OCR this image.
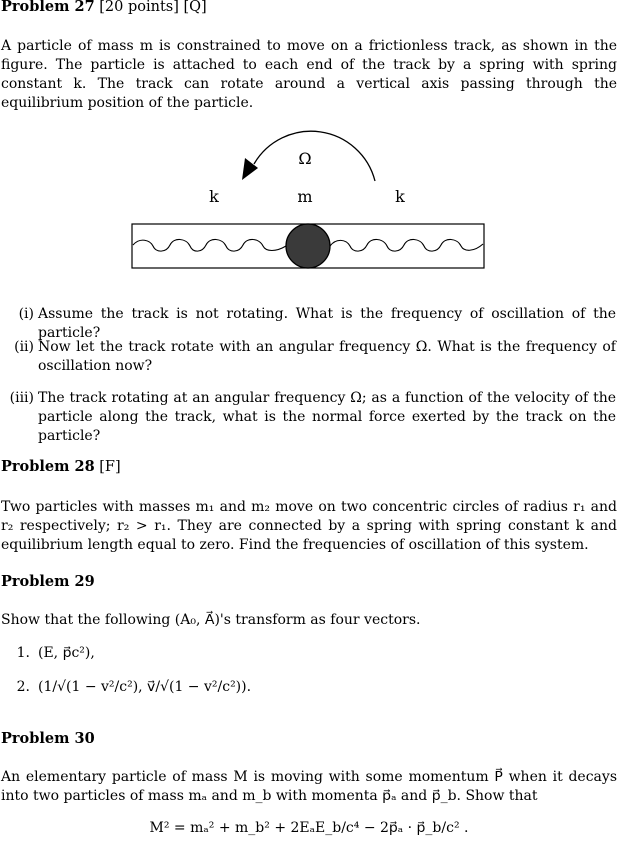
Problem 27 [20 points] [Q]
A particle of mass m is constrained to move on a frictionless track, as shown in the figure. The particle is attached to each end of the track by a spring with spring constant k. The track can rotate around a vertical axis passing through the equilibrium position of the particle.
Ω
k	m	k
(i) Assume the track is not rotating. What is the frequency of oscillation of the particle?
(ii) Now let the track rotate with an angular frequency Ω. What is the frequency of oscillation now?
(iii) The track rotating at an angular frequency Ω; as a function of the velocity of the particle along the track, what is the normal force exerted by the track on the particle?
Problem 28 [F]
Two particles with masses m₁ and m₂ move on two concentric circles of radius r₁ and r₂ respectively; r₂ > r₁. They are connected by a spring with spring constant k and equilibrium length equal to zero. Find the frequencies of oscillation of this system.
Problem 29
Show that the following (A₀, A⃗)'s transform as four vectors.
1. (E, p⃗c²),
2. (1/√(1 − v²/c²), v⃗/√(1 − v²/c²)).
Problem 30
An elementary particle of mass M is moving with some momentum P⃗ when it decays into two particles of mass mₐ and m_b with momenta p⃗ₐ and p⃗_b. Show that
M² = mₐ² + m_b² + 2EₐE_b/c⁴ − 2p⃗ₐ · p⃗_b/c² .
